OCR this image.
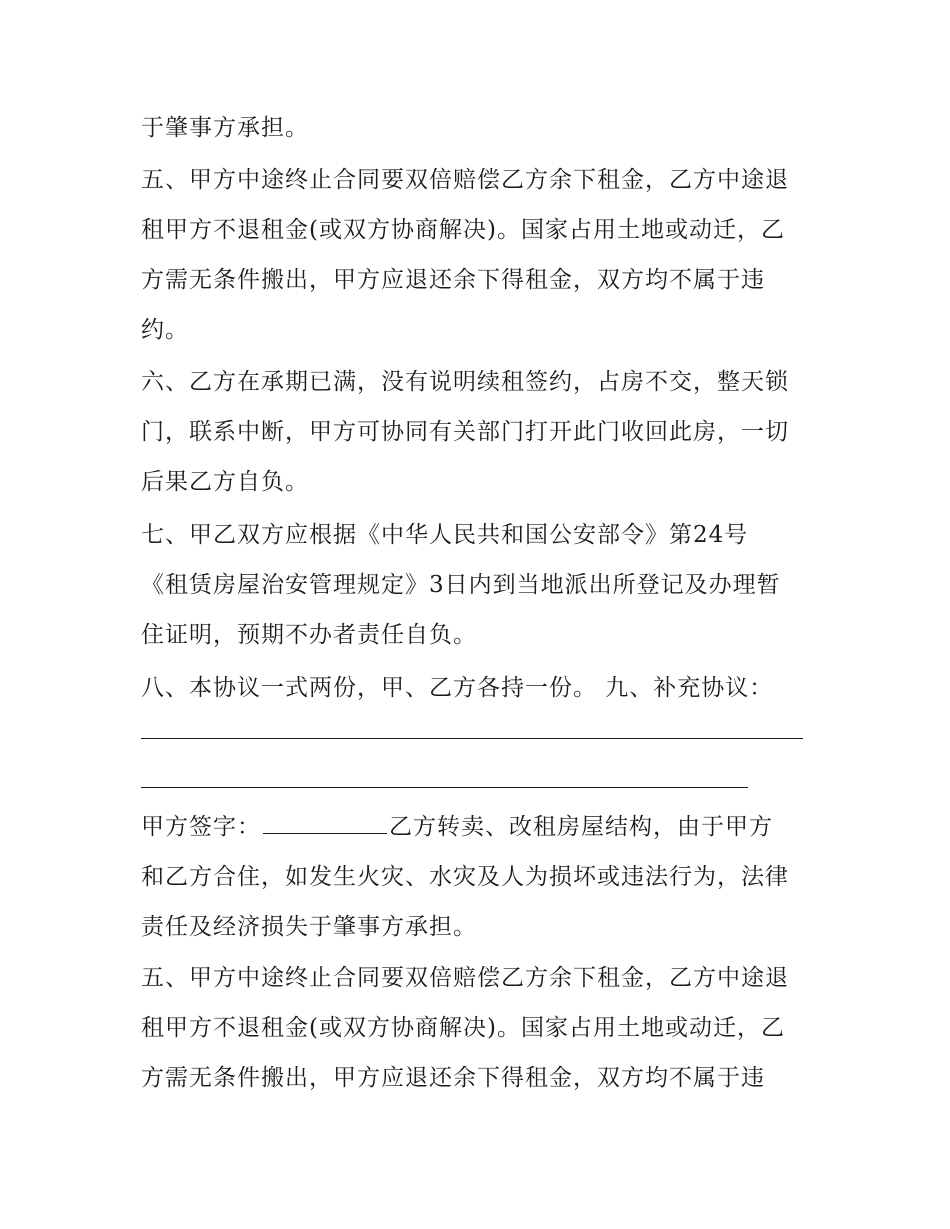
于肇事方承担。
五、甲方中途终止合同要双倍赔偿乙方余下租金，乙方中途退
租甲方不退租金(或双方协商解决)。国家占用土地或动迁，乙
方需无条件搬出，甲方应退还余下得租金，双方均不属于违
约。
六、乙方在承期已满，没有说明续租签约，占房不交，整天锁
门，联系中断，甲方可协同有关部门打开此门收回此房，一切
后果乙方自负。
七、甲乙双方应根据《中华人民共和国公安部令》第24号
《租赁房屋治安管理规定》3日内到当地派出所登记及办理暂
住证明，预期不办者责任自负。
八、本协议一式两份，甲、乙方各持一份。 九、补充协议：
甲方签字：	乙方转卖、改租房屋结构，由于甲方
和乙方合住，如发生火灾、水灾及人为损坏或违法行为，法律
责任及经济损失于肇事方承担。
五、甲方中途终止合同要双倍赔偿乙方余下租金，乙方中途退
租甲方不退租金(或双方协商解决)。国家占用土地或动迁，乙
方需无条件搬出，甲方应退还余下得租金，双方均不属于违
